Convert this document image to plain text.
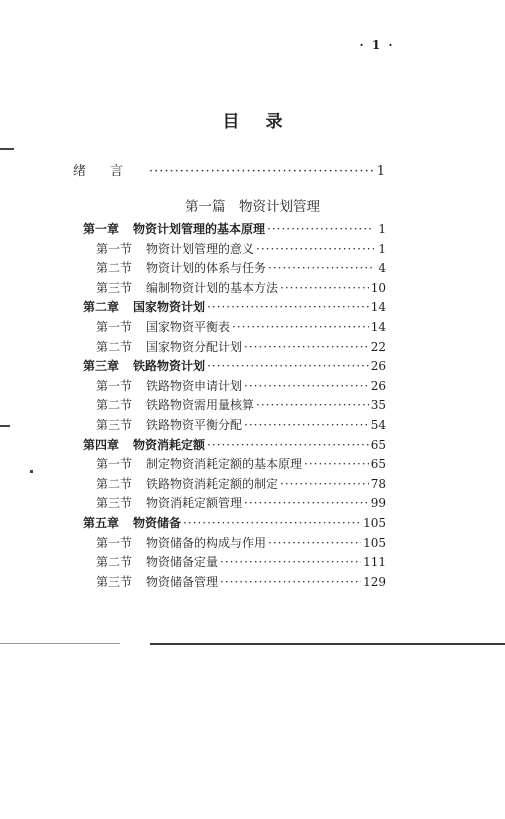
· 1 ·
目录
绪言 ·····	1
第一篇　物资计划管理
第一章 物资计划管理的基本原理 ·····	1
第一节 物资计划管理的意义 ·····	1
第二节 物资计划的体系与任务 ·····	4
第三节 编制物资计划的基本方法 ·····	10
第二章 国家物资计划 ·····	14
第一节 国家物资平衡表 ·····	14
第二节 国家物资分配计划 ·····	22
第三章 铁路物资计划 ·····	26
第一节 铁路物资申请计划 ·····	26
第二节 铁路物资需用量核算 ·····	35
第三节 铁路物资平衡分配 ·····	54
第四章 物资消耗定额 ·····	65
第一节 制定物资消耗定额的基本原理 ·····	65
第二节 铁路物资消耗定额的制定 ·····	78
第三节 物资消耗定额管理 ·····	99
第五章 物资储备 ·····	105
第一节 物资储备的构成与作用 ·····	105
第二节 物资储备定量 ·····	111
第三节 物资储备管理 ·····	129
